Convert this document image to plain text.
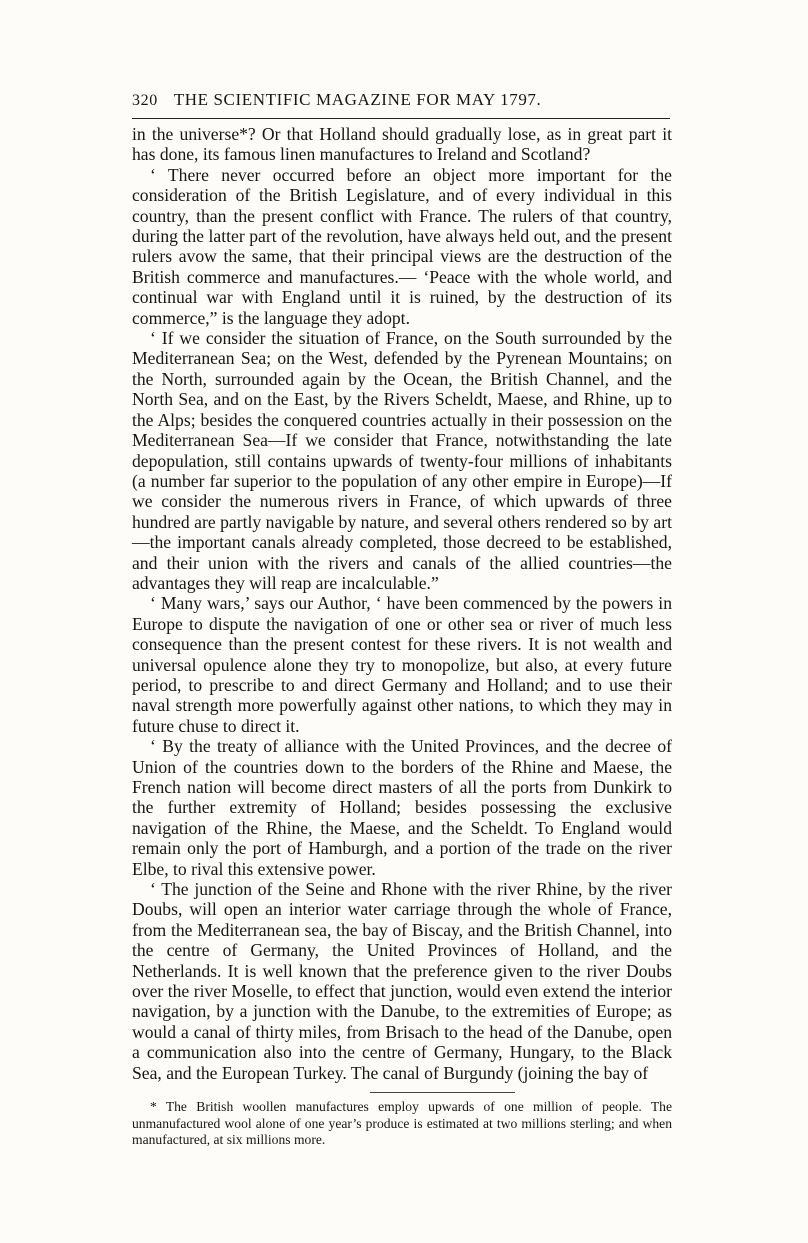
320 THE SCIENTIFIC MAGAZINE FOR MAY 1797.

in the universe*? Or that Holland should gradually lose, as in great part it has done, its famous linen manufactures to Ireland and Scotland?

‘ There never occurred before an object more important for the consideration of the British Legislature, and of every individual in this country, than the present conflict with France. The rulers of that country, during the latter part of the revolution, have always held out, and the present rulers avow the same, that their principal views are the destruction of the British commerce and manufactures.— ‘Peace with the whole world, and continual war with England until it is ruined, by the destruction of its commerce,” is the language they adopt.

‘ If we consider the situation of France, on the South surrounded by the Mediterranean Sea; on the West, defended by the Pyrenean Mountains; on the North, surrounded again by the Ocean, the British Channel, and the North Sea, and on the East, by the Rivers Scheldt, Maese, and Rhine, up to the Alps; besides the conquered countries actually in their possession on the Mediterranean Sea—If we consider that France, notwithstanding the late depopulation, still contains upwards of twenty-four millions of inhabitants (a number far superior to the population of any other empire in Europe)—If we consider the numerous rivers in France, of which upwards of three hundred are partly navigable by nature, and several others rendered so by art—the important canals already completed, those decreed to be established, and their union with the rivers and canals of the allied countries—the advantages they will reap are incalculable.”

‘ Many wars,’ says our Author, ‘ have been commenced by the powers in Europe to dispute the navigation of one or other sea or river of much less consequence than the present contest for these rivers. It is not wealth and universal opulence alone they try to monopolize, but also, at every future period, to prescribe to and direct Germany and Holland; and to use their naval strength more powerfully against other nations, to which they may in future chuse to direct it.

‘ By the treaty of alliance with the United Provinces, and the decree of Union of the countries down to the borders of the Rhine and Maese, the French nation will become direct masters of all the ports from Dunkirk to the further extremity of Holland; besides possessing the exclusive navigation of the Rhine, the Maese, and the Scheldt. To England would remain only the port of Hamburgh, and a portion of the trade on the river Elbe, to rival this extensive power.

‘ The junction of the Seine and Rhone with the river Rhine, by the river Doubs, will open an interior water carriage through the whole of France, from the Mediterranean sea, the bay of Biscay, and the British Channel, into the centre of Germany, the United Provinces of Holland, and the Netherlands. It is well known that the preference given to the river Doubs over the river Moselle, to effect that junction, would even extend the interior navigation, by a junction with the Danube, to the extremities of Europe; as would a canal of thirty miles, from Brisach to the head of the Danube, open a communication also into the centre of Germany, Hungary, to the Black Sea, and the European Turkey. The canal of Burgundy (joining the bay of

* The British woollen manufactures employ upwards of one million of people. The unmanufactured wool alone of one year’s produce is estimated at two millions sterling; and when manufactured, at six millions more.
